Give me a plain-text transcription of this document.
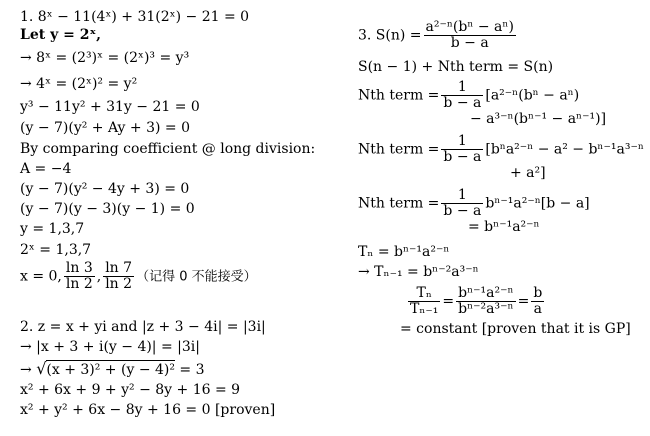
1. 8ˣ − 11(4ˣ) + 31(2ˣ) − 21 = 0
Let y = 2ˣ,
→ 8ˣ = (2³)ˣ = (2ˣ)³ = y³
→ 4ˣ = (2ˣ)² = y²
y³ − 11y² + 31y − 21 = 0
(y − 7)(y² + Ay + 3) = 0
By comparing coefficient @ long division:
A = −4
(y − 7)(y² − 4y + 3) = 0
(y − 7)(y − 3)(y − 1) = 0
y = 1,3,7
2ˣ = 1,3,7
x = 0, $\frac{\ln 3}{\ln 2}$ , $\frac{\ln 7}{\ln 2}$ （记得 0 不能接受）
2. z = x + yi and |z + 3 − 4i| = |3i|
→ |x + 3 + i(y − 4)| = |3i|
→ √(x + 3)² + (y − 4)² = 3
x² + 6x + 9 + y² − 8y + 16 = 9
x² + y² + 6x − 8y + 16 = 0 [proven]
3. $S(n) = \frac{\text{a²⁻ⁿ(bⁿ − aⁿ)}}{b - a}$
S(n − 1) + Nth term = S(n)
Nth term = $\frac{1}{b - a} [a^{2-n}(b^n - a^n)$
− a³⁻ⁿ(bⁿ⁻¹ − aⁿ⁻¹)]
Nth term = $\frac{1}{b - a} [b^na^{2-n} - a^2 - b^{n-1}a^{3-n}$
+ a²]
Nth term = $\frac{1}{b - a} b^{n-1}a^{2-n}[b - a]$
= bⁿ⁻¹a²⁻ⁿ
Tₙ = bⁿ⁻¹a²⁻ⁿ
→ Tₙ₋₁ = bⁿ⁻²a³⁻ⁿ
$\frac{\text{Tₙ}}{\text{Tₙ₋₁}} = \frac{\text{bⁿ⁻¹a²⁻ⁿ}}{\text{bⁿ⁻²a³⁻ⁿ}} = \frac{b}{a}$
= constant [proven that it is GP]
